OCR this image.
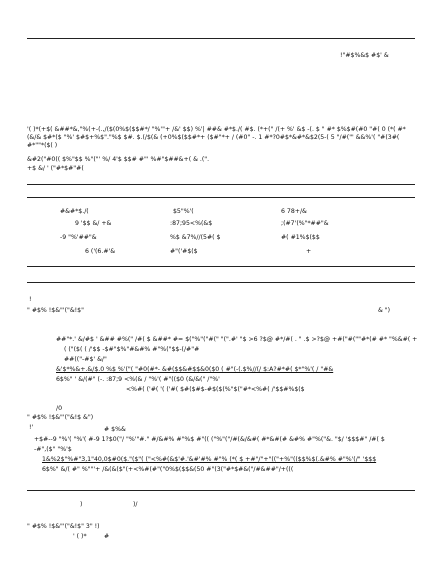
!"#$%&$ #$' &
'( )*(+$( &##*&,"%(+-(.,/($(0%$($$#*/ "%'"+ /&' $$) %'| ##& #*$./( #$. (*+(" /(+ %' &$ -(. $ " #* $%$#(#0 "#( 0 (*( #*
(&/& $#*($ "%' $#$+%$"."%$ $#. $.(/$(& (+0%$($$#*+ ($#"*+ / (#0" -. 1 #*?0#$*&#*&$2(5-( 5 "/#("' &&%'( "#(3#(
#*""*($( )
&#2("#0(( $%"$$ %"("' %/ 4'$ $$# #"' %#"$##&+( & .(".
+$ &/ ' ("#*$#"#(
#&#*$./(	$5"%'(	6 78+/&
9 '$$ &/ +&	:87;95<%(&$	;(#7'(%"*##"&
-9 "%'##"&	%$ &7%//(5#( $	#( #1%$($$
6 ('(6.#'&	#"('#$($	+
!
" #$% !$&"'("&!$"	& ")
##"*.' &/#$ ' &## #%(" /#( $ &##* #= $("%"("#(" "(".#' "$ >6 ?$@ #*/#( . " .$ >?$@ +#("#(""#*(# #* "%&#( +
( ("($( ( /'$$ -$#"$%"#&#% #"%("$$-(/#"#
##(("-#$' &/"
&'$*%&+.&/$.0 %$ %'("( "#0(#*- &#($$&#$$&0($0 ( #"(-(.$%//(/ $:A?#*#( $*"%'( / "#&
6$%" ' &/(#" (-. :87;9 <%(& / "%'( #"(($0 (&/&(" /"%'
<%#( ('#( '( ('#( $#($#$-#$($(%"$("#*<%#( /'$$#%$($
/0
" #$% !$&"'("&!$ &")
!'	# $%&
+$#--9 "%'( "%'( #-9 1?$0("/ "%'"#." #/&#% #"%$ #"(( ("%"("/#(&/&#( #*&#(# &#% #"%("&. "$/ '$$$#" /#( $
-#",($" "%'$
1&%2$"%#"3,1"40,0$#0($."($"( ("<%#(&$'#.'&#'#% #"% (*( $ +#"/"+"(("+%"(($$%$(.&#% #"%'(/" '$$$
6$%" &/( #" %""'+ /&(&($"(+<%#(#"("0%$($$&(50 #"(3("#*$#&("/#&##"/+(((
)	)/
" #$% !$&"'("&!$" 3" !)
' ( )*	#
